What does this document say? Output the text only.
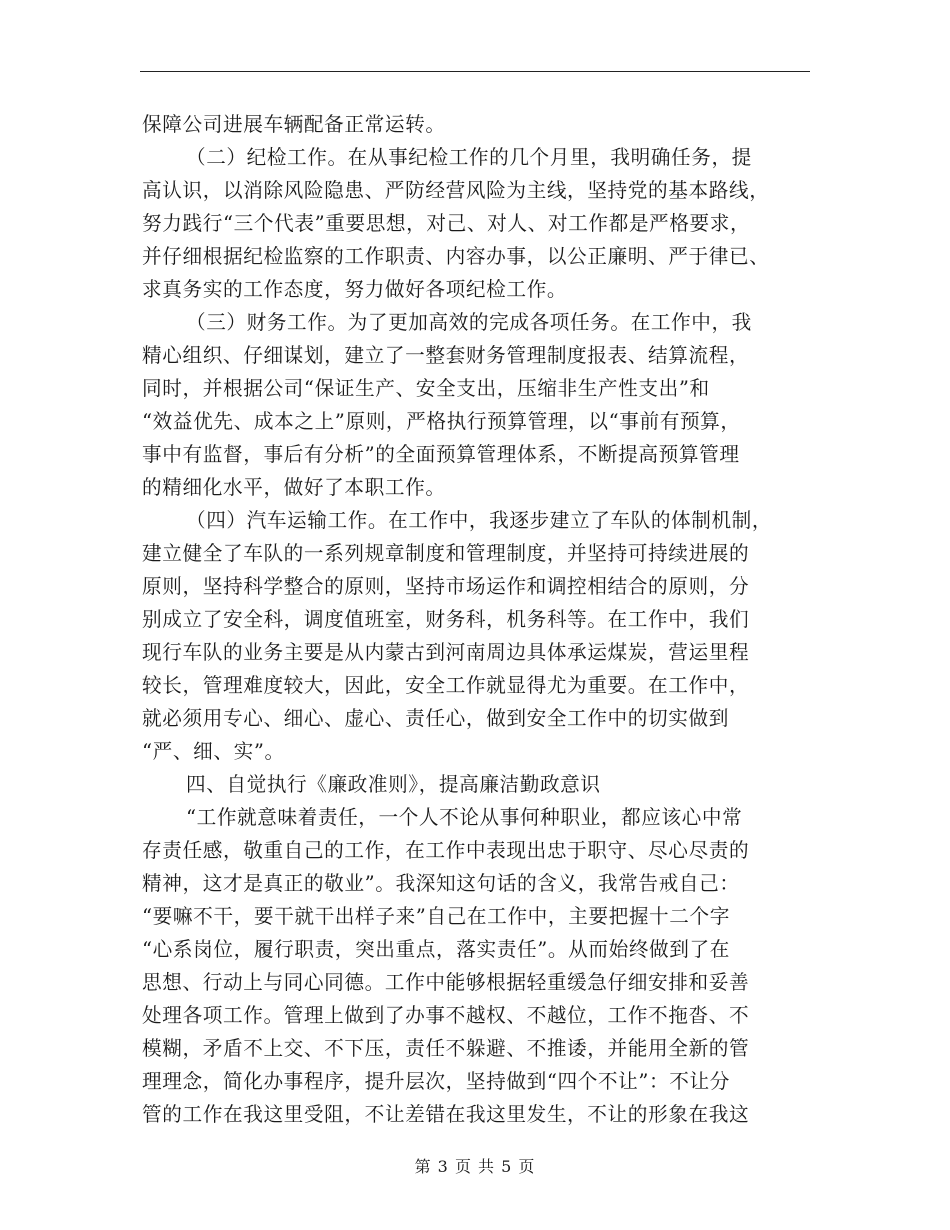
保障公司进展车辆配备正常运转。
（二）纪检工作。在从事纪检工作的几个月里，我明确任务，提
高认识，以消除风险隐患、严防经营风险为主线，坚持党的基本路线，
努力践行“三个代表”重要思想，对己、对人、对工作都是严格要求，
并仔细根据纪检监察的工作职责、内容办事，以公正廉明、严于律已、
求真务实的工作态度，努力做好各项纪检工作。
（三）财务工作。为了更加高效的完成各项任务。在工作中，我
精心组织、仔细谋划，建立了一整套财务管理制度报表、结算流程，
同时，并根据公司“保证生产、安全支出，压缩非生产性支出”和
“效益优先、成本之上”原则，严格执行预算管理，以“事前有预算，
事中有监督，事后有分析”的全面预算管理体系，不断提高预算管理
的精细化水平，做好了本职工作。
（四）汽车运输工作。在工作中，我逐步建立了车队的体制机制，
建立健全了车队的一系列规章制度和管理制度，并坚持可持续进展的
原则，坚持科学整合的原则，坚持市场运作和调控相结合的原则，分
别成立了安全科，调度值班室，财务科，机务科等。在工作中，我们
现行车队的业务主要是从内蒙古到河南周边具体承运煤炭，营运里程
较长，管理难度较大，因此，安全工作就显得尤为重要。在工作中，
就必须用专心、细心、虚心、责任心，做到安全工作中的切实做到
“严、细、实”。
四、自觉执行《廉政准则》，提高廉洁勤政意识
“工作就意味着责任，一个人不论从事何种职业，都应该心中常
存责任感，敬重自己的工作，在工作中表现出忠于职守、尽心尽责的
精神，这才是真正的敬业”。我深知这句话的含义，我常告戒自己：
“要嘛不干，要干就干出样子来”自己在工作中，主要把握十二个字
“心系岗位，履行职责，突出重点，落实责任”。从而始终做到了在
思想、行动上与同心同德。工作中能够根据轻重缓急仔细安排和妥善
处理各项工作。管理上做到了办事不越权、不越位，工作不拖沓、不
模糊，矛盾不上交、不下压，责任不躲避、不推诿，并能用全新的管
理理念，简化办事程序，提升层次，坚持做到“四个不让”：不让分
管的工作在我这里受阻，不让差错在我这里发生，不让的形象在我这
第 3 页 共 5 页
